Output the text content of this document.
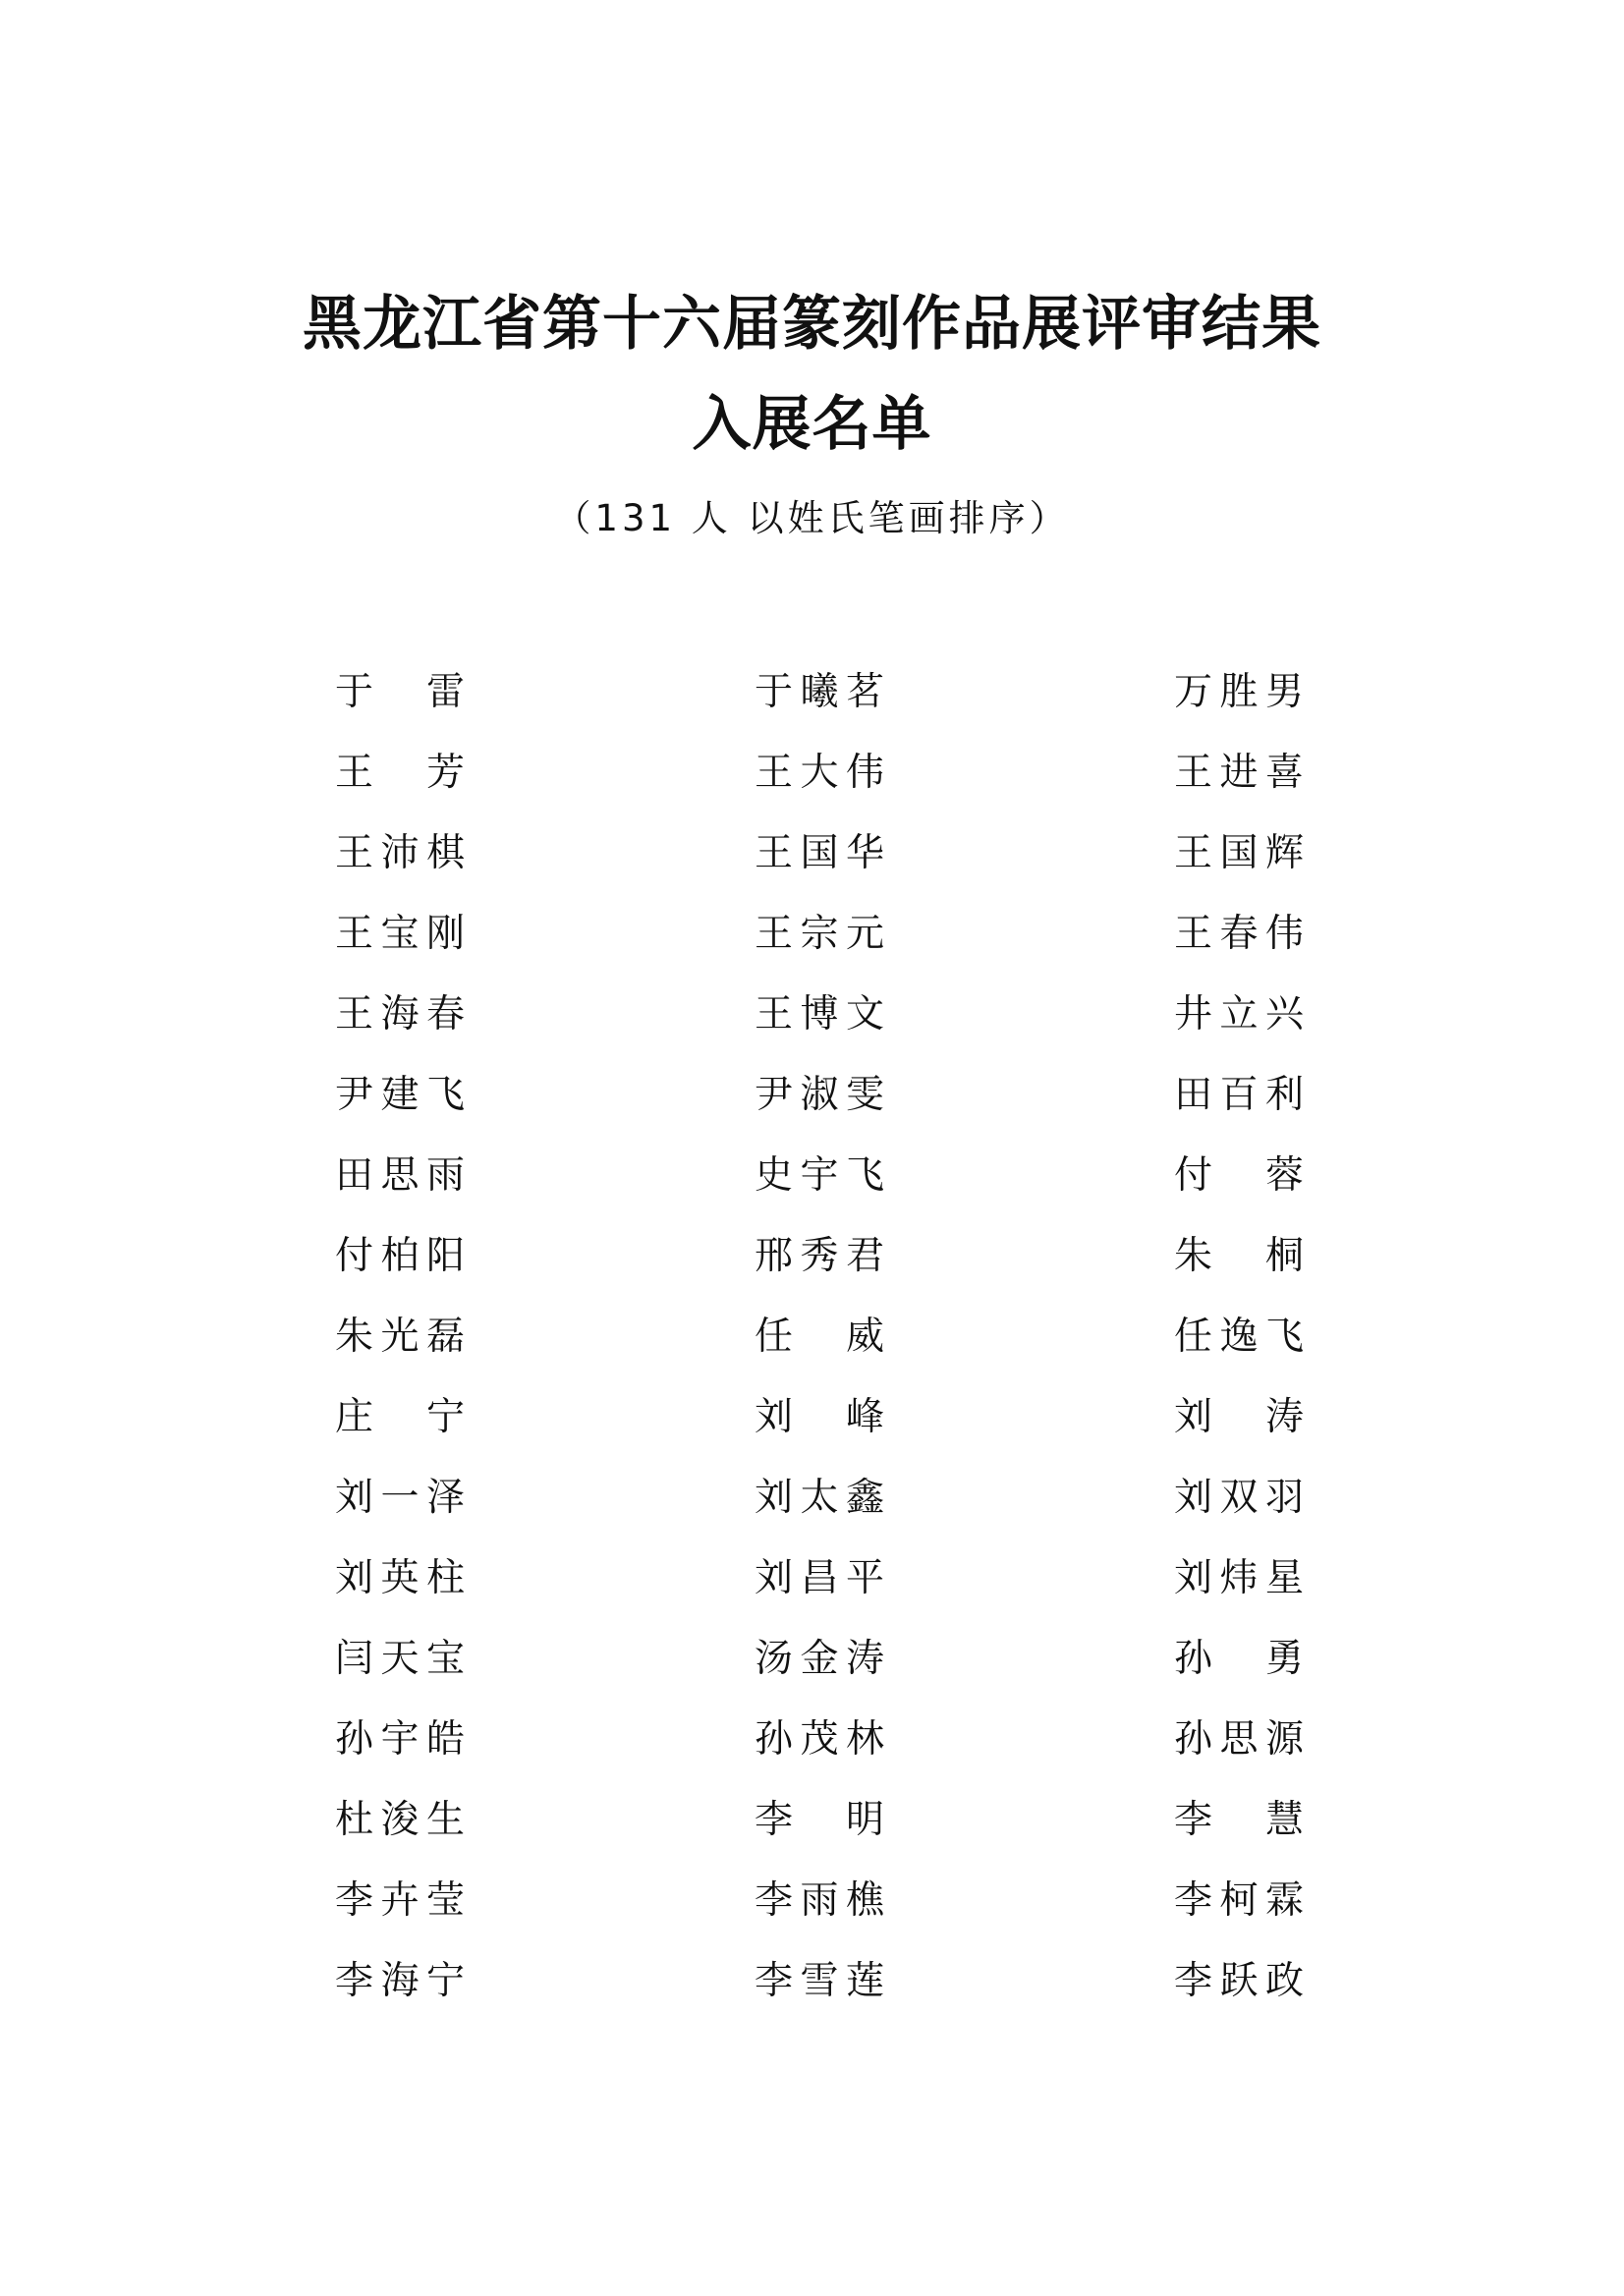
黑龙江省第十六届篆刻作品展评审结果
入展名单
（131 人 以姓氏笔画排序）
于 雷	于 曦 茗	万 胜 男
王 芳	王 大 伟	王 进 喜
王 沛 棋	王 国 华	王 国 辉
王 宝 刚	王 宗 元	王 春 伟
王 海 春	王 博 文	井 立 兴
尹 建 飞	尹 淑 雯	田 百 利
田 思 雨	史 宇 飞	付 蓉
付 柏 阳	邢 秀 君	朱 桐
朱 光 磊	任 威	任 逸 飞
庄 宁	刘 峰	刘 涛
刘 一 泽	刘 太 鑫	刘 双 羽
刘 英 柱	刘 昌 平	刘 炜 星
闫 天 宝	汤 金 涛	孙 勇
孙 宇 皓	孙 茂 林	孙 思 源
杜 浚 生	李 明	李 慧
李 卉 莹	李 雨 樵	李 柯 霖
李 海 宁	李 雪 莲	李 跃 政
